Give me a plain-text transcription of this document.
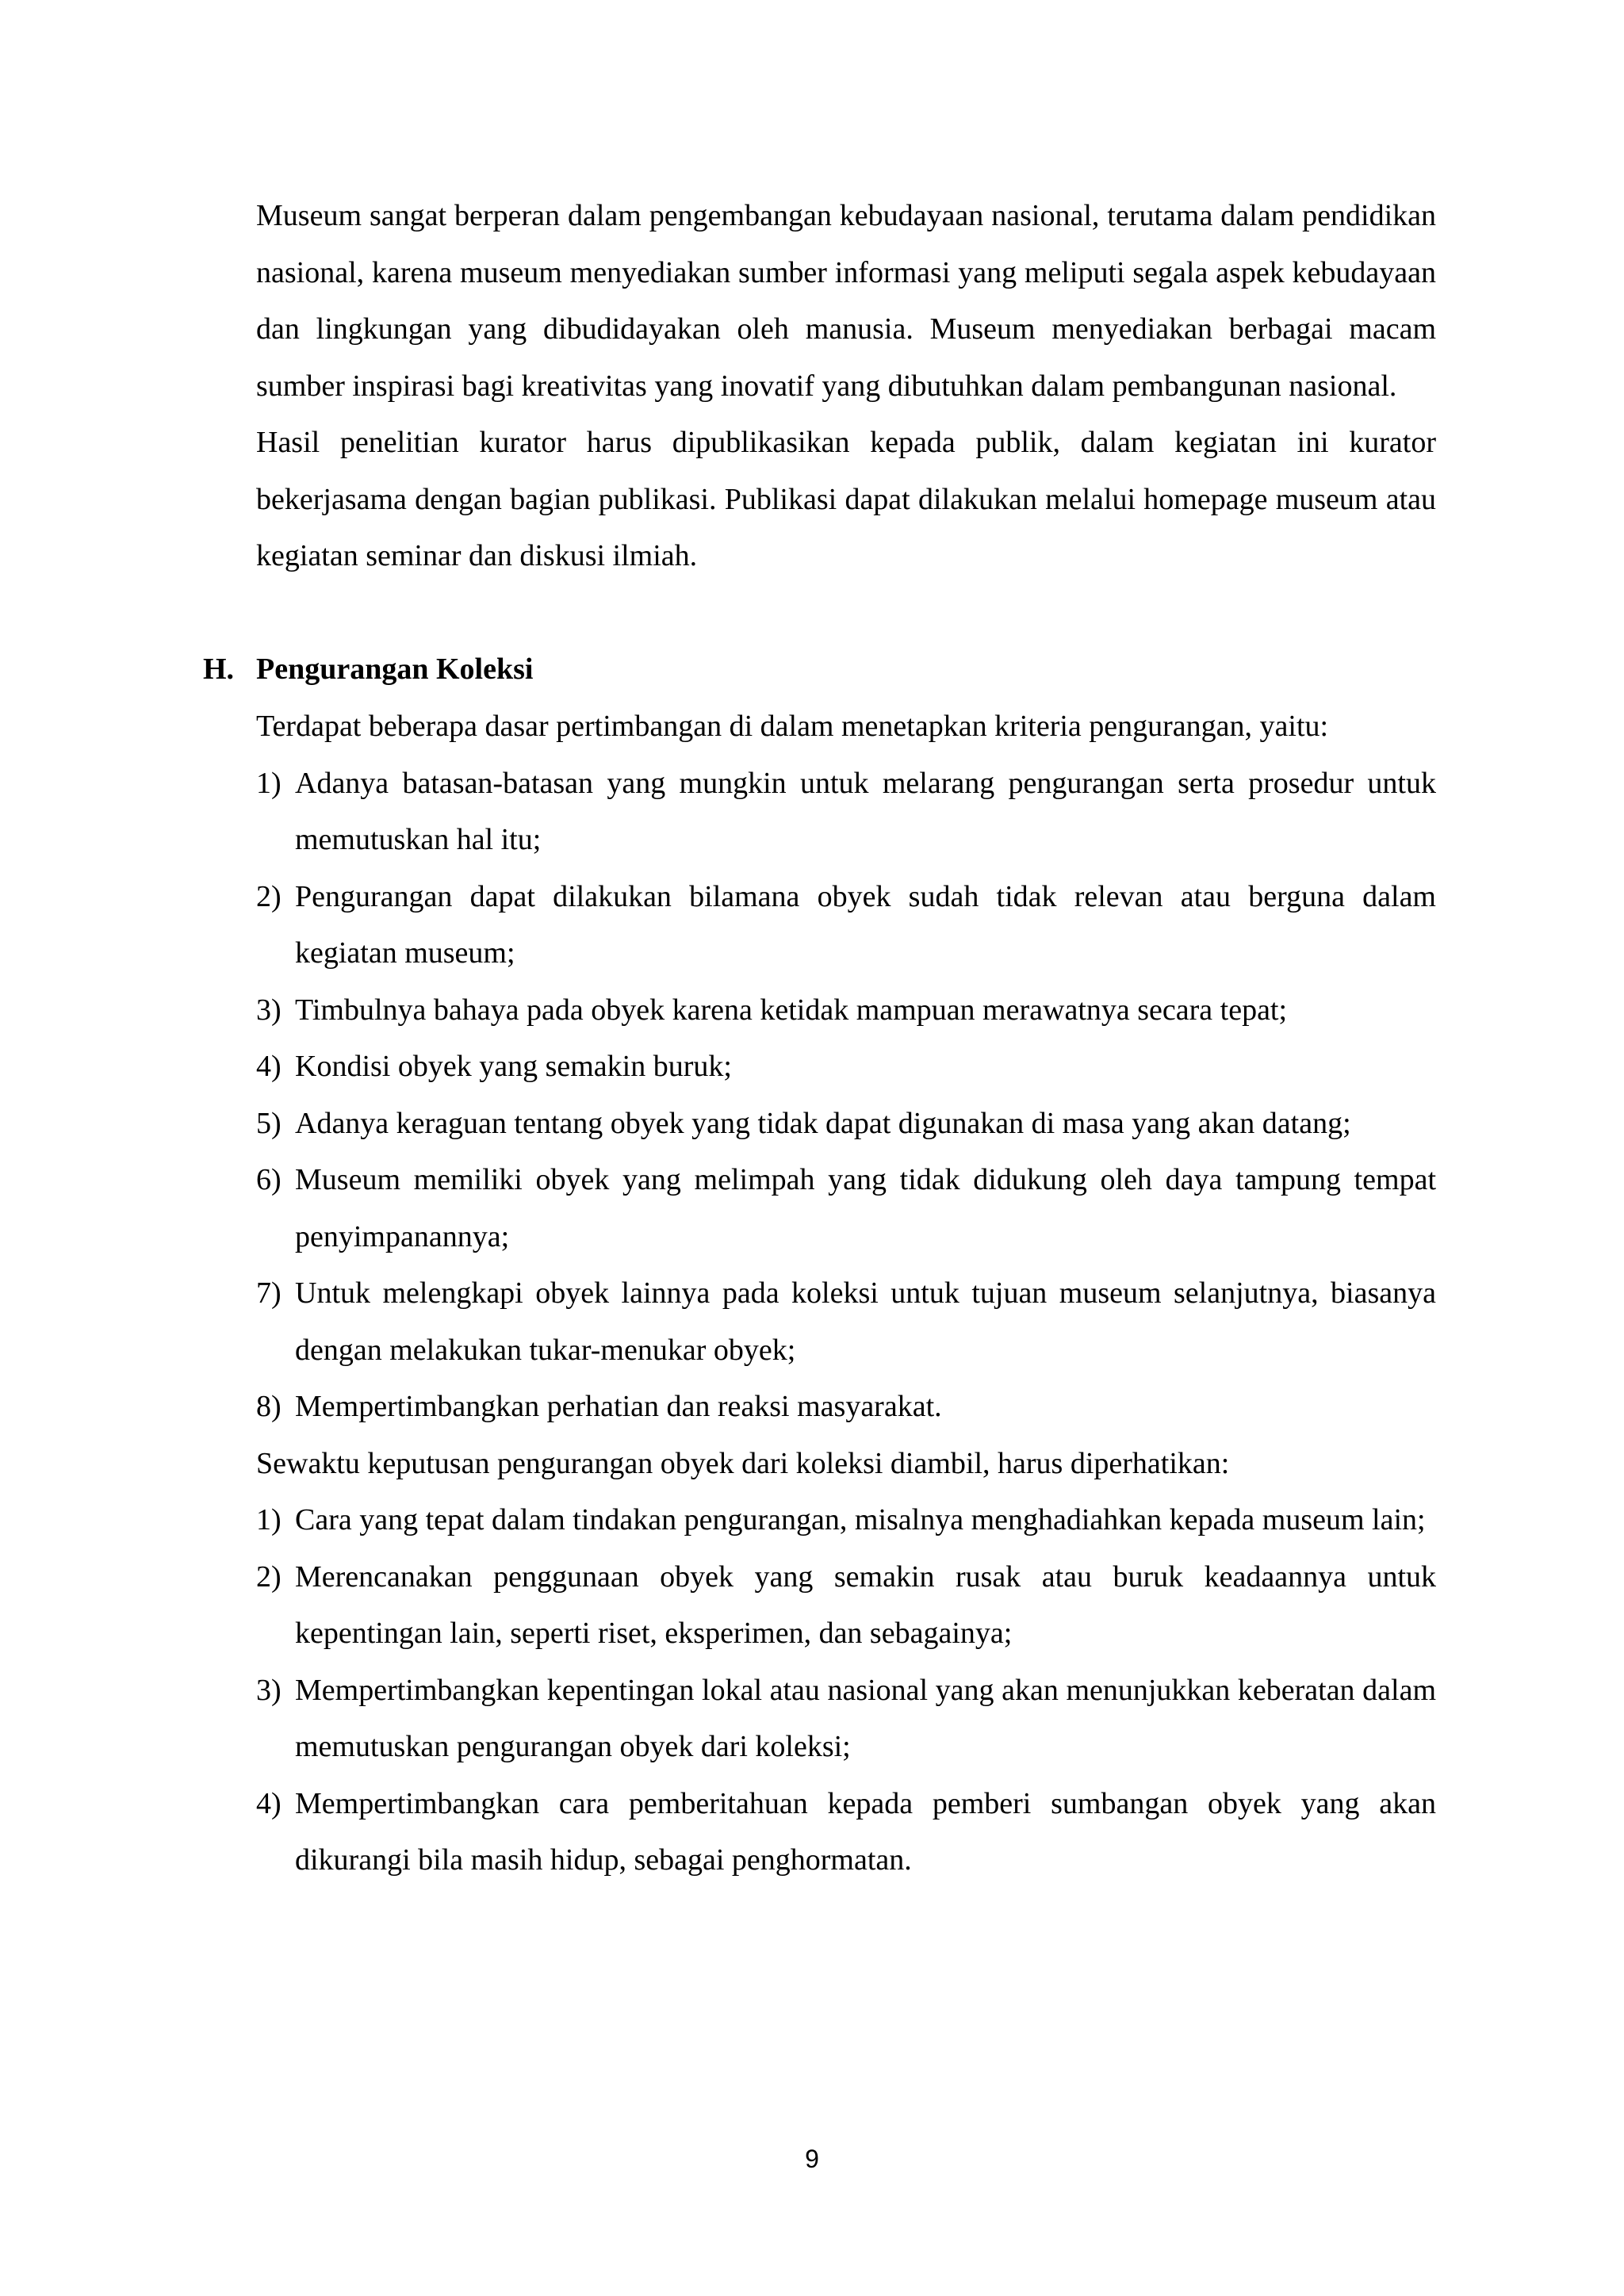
Museum sangat berperan dalam pengembangan kebudayaan nasional, terutama dalam pendidikan nasional, karena museum menyediakan sumber informasi yang meliputi segala aspek kebudayaan dan lingkungan yang dibudidayakan oleh manusia. Museum menyediakan berbagai macam sumber inspirasi bagi kreativitas yang inovatif yang dibutuhkan dalam pembangunan nasional.

Hasil penelitian kurator harus dipublikasikan kepada publik, dalam kegiatan ini kurator bekerjasama dengan bagian publikasi. Publikasi dapat dilakukan melalui homepage museum atau kegiatan seminar dan diskusi ilmiah.

H. Pengurangan Koleksi

Terdapat beberapa dasar pertimbangan di dalam menetapkan kriteria pengurangan, yaitu:

1) Adanya batasan-batasan yang mungkin untuk melarang pengurangan serta prosedur untuk memutuskan hal itu;
2) Pengurangan dapat dilakukan bilamana obyek sudah tidak relevan atau berguna dalam kegiatan museum;
3) Timbulnya bahaya pada obyek karena ketidak mampuan merawatnya secara tepat;
4) Kondisi obyek yang semakin buruk;
5) Adanya keraguan tentang obyek yang tidak dapat digunakan di masa yang akan datang;
6) Museum memiliki obyek yang melimpah yang tidak didukung oleh daya tampung tempat penyimpanannya;
7) Untuk melengkapi obyek lainnya pada koleksi untuk tujuan museum selanjutnya, biasanya dengan melakukan tukar-menukar obyek;
8) Mempertimbangkan perhatian dan reaksi masyarakat.

Sewaktu keputusan pengurangan obyek dari koleksi diambil, harus diperhatikan:

1) Cara yang tepat dalam tindakan pengurangan, misalnya menghadiahkan kepada museum lain;
2) Merencanakan penggunaan obyek yang semakin rusak atau buruk keadaannya untuk kepentingan lain, seperti riset, eksperimen, dan sebagainya;
3) Mempertimbangkan kepentingan lokal atau nasional yang akan menunjukkan keberatan dalam memutuskan pengurangan obyek dari koleksi;
4) Mempertimbangkan cara pemberitahuan kepada pemberi sumbangan obyek yang akan dikurangi bila masih hidup, sebagai penghormatan.
9
